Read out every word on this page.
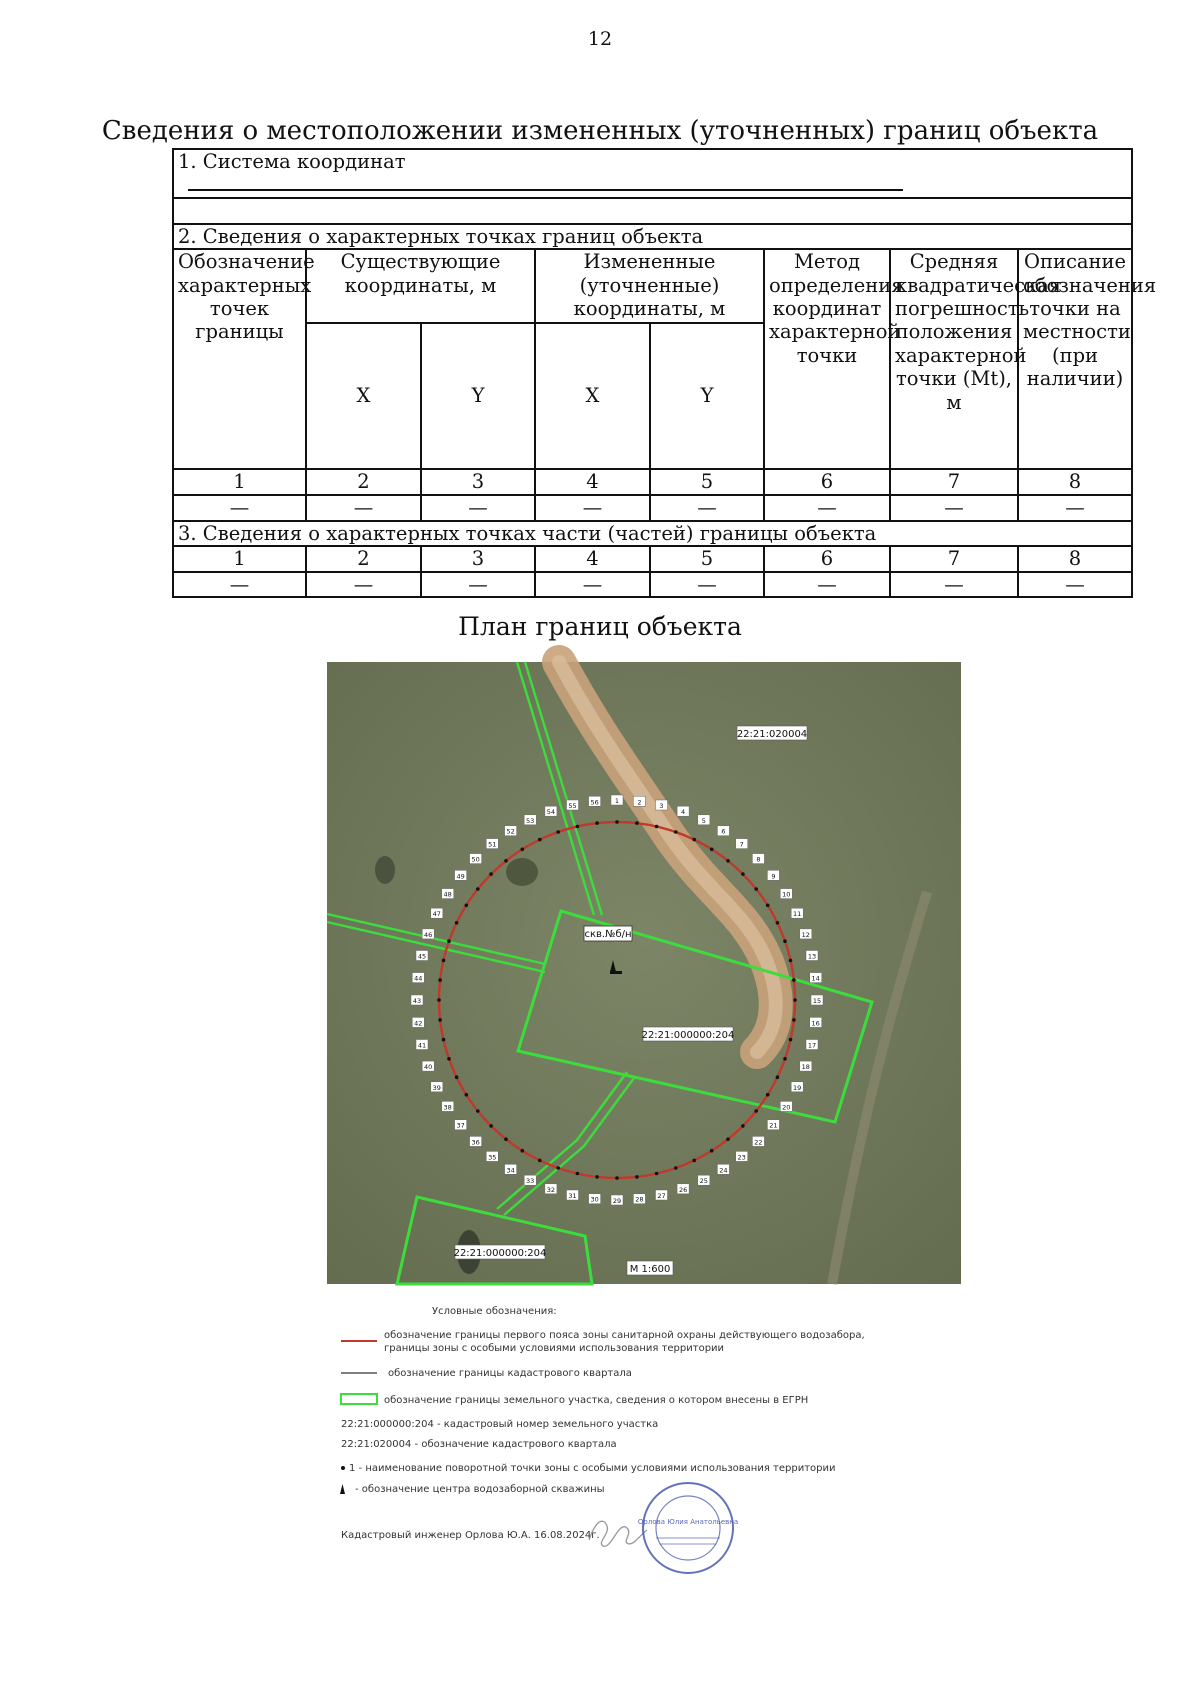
12
Сведения о местоположении измененных (уточненных) границ объекта
1. Система координат							

2. Сведения о характерных точках границ объекта							
Обозначение характерных точек границы	Существующие координаты, м		Измененные (уточненные) координаты, м		Метод определения координат характерной точки	Средняя квадратическая погрешность положения характерной точки (Mt), м	Описание обозначения точки на местности (при наличии)
	X	Y	X	Y			
1	2	3	4	5	6	7	8
—	—	—	—	—	—	—	—
3. Сведения о характерных точках части (частей) границы объекта							
1	2	3	4	5	6	7	8
—	—	—	—	—	—	—	—
План границ объекта
1	2	3
4
5
6
7
8
9
10
11
12
13
14
15
16
17
18
19
20
21
22
23
24
25
26
27
28
29
30
31
32
33
34
35
36
37
38
39
40
41
42
43
44
45
46
47
48
49
50
51
52
53
54
55 56
скв.№б/н
22:21:020004
22:21:000000:204
22:21:000000:204
М 1:600
Условные обозначения:
обозначение границы первого пояса зоны санитарной охраны действующего водозабора,
границы зоны с особыми условиями использования территории
обозначение границы кадастрового квартала
обозначение границы земельного участка, сведения о котором внесены в ЕГРН
22:21:000000:204 - кадастровый номер земельного участка
22:21:020004 - обозначение кадастрового квартала
1 - наименование поворотной точки зоны с особыми условиями использования территории
- обозначение центра водозаборной скважины
Кадастровый инженер Орлова Ю.А. 16.08.2024г.
Орлова Юлия Анатольевна
